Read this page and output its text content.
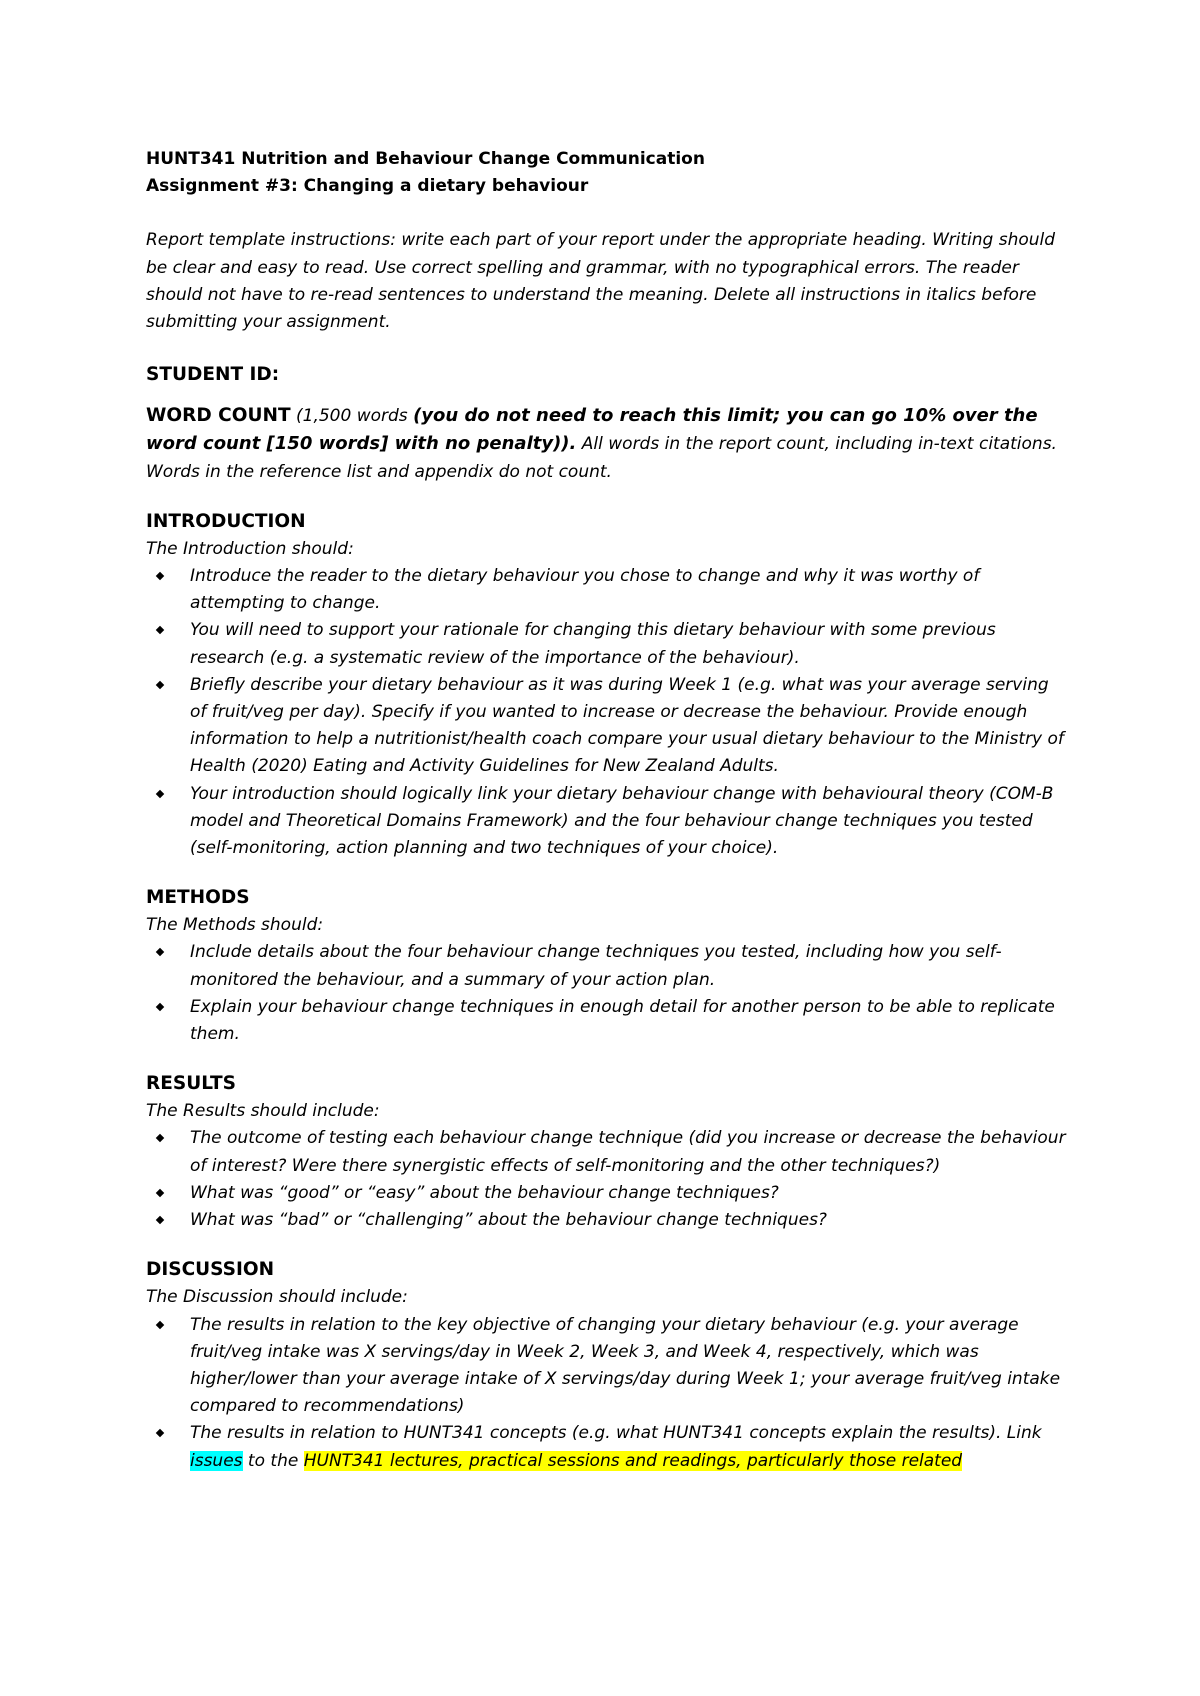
HUNT341 Nutrition and Behaviour Change Communication

Assignment #3: Changing a dietary behaviour

Report template instructions: write each part of your report under the appropriate heading. Writing should be clear and easy to read. Use correct spelling and grammar, with no typographical errors. The reader should not have to re-read sentences to understand the meaning. Delete all instructions in italics before submitting your assignment.

STUDENT ID:

WORD COUNT (1,500 words (you do not need to reach this limit; you can go 10% over the word count [150 words] with no penalty)). All words in the report count, including in-text citations. Words in the reference list and appendix do not count.

INTRODUCTION

The Introduction should:

Introduce the reader to the dietary behaviour you chose to change and why it was worthy of attempting to change.
You will need to support your rationale for changing this dietary behaviour with some previous research (e.g. a systematic review of the importance of the behaviour).
Briefly describe your dietary behaviour as it was during Week 1 (e.g. what was your average serving of fruit/veg per day). Specify if you wanted to increase or decrease the behaviour. Provide enough information to help a nutritionist/health coach compare your usual dietary behaviour to the Ministry of Health (2020) Eating and Activity Guidelines for New Zealand Adults.
Your introduction should logically link your dietary behaviour change with behavioural theory (COM-B model and Theoretical Domains Framework) and the four behaviour change techniques you tested (self-monitoring, action planning and two techniques of your choice).

METHODS

The Methods should:

Include details about the four behaviour change techniques you tested, including how you self-monitored the behaviour, and a summary of your action plan.
Explain your behaviour change techniques in enough detail for another person to be able to replicate them.

RESULTS

The Results should include:

The outcome of testing each behaviour change technique (did you increase or decrease the behaviour of interest? Were there synergistic effects of self-monitoring and the other techniques?)
What was “good” or “easy” about the behaviour change techniques?
What was “bad” or “challenging” about the behaviour change techniques?

DISCUSSION

The Discussion should include:

The results in relation to the key objective of changing your dietary behaviour (e.g. your average fruit/veg intake was X servings/day in Week 2, Week 3, and Week 4, respectively, which was higher/lower than your average intake of X servings/day during Week 1; your average fruit/veg intake compared to recommendations)
The results in relation to HUNT341 concepts (e.g. what HUNT341 concepts explain the results). Link issues to the HUNT341 lectures, practical sessions and readings, particularly those related
